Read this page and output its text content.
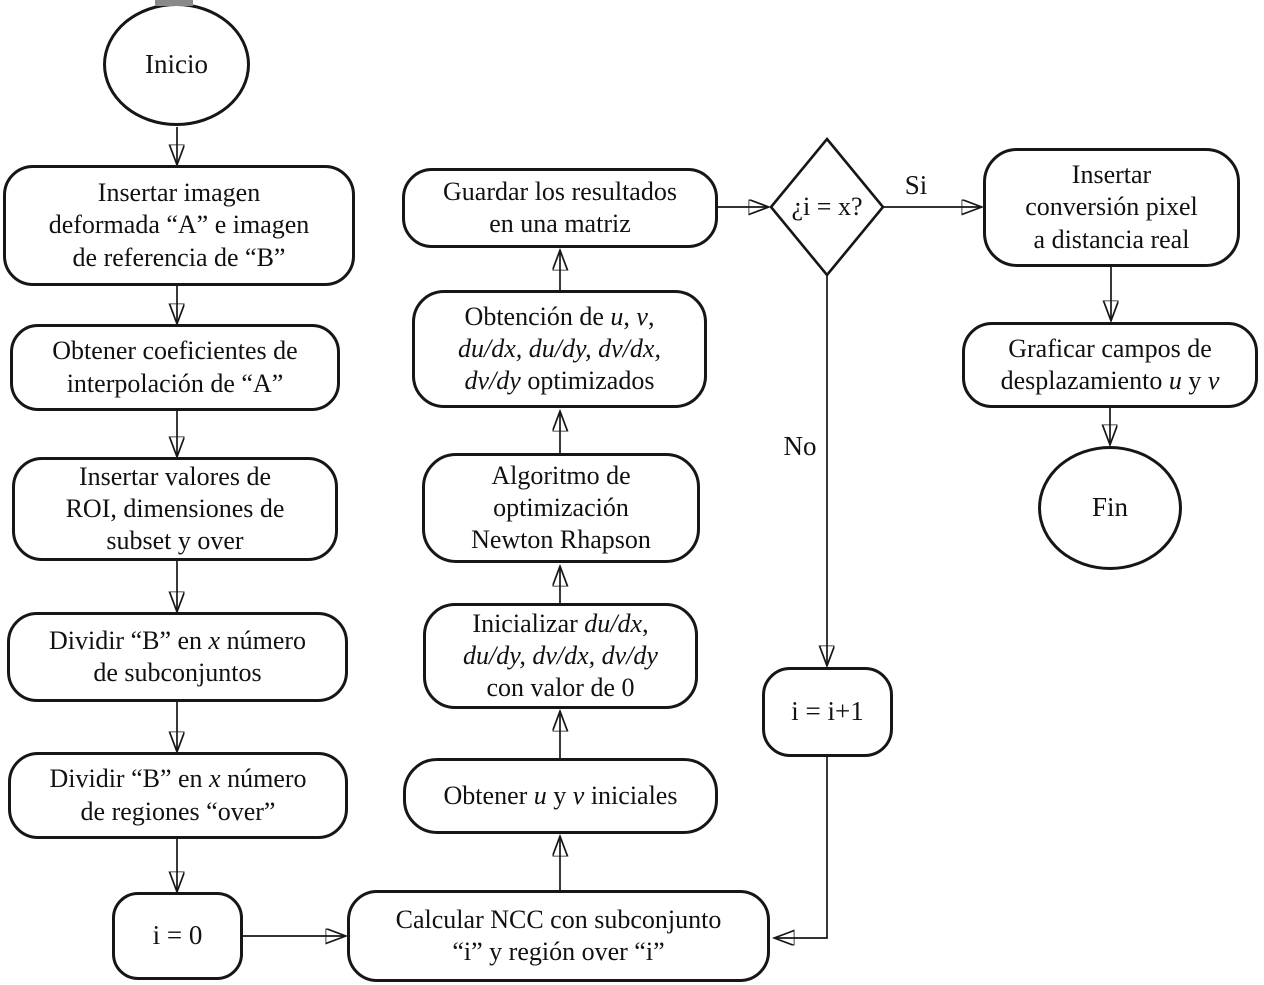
Inicio
Insertar imagen
deformada “A” e imagen
de referencia de “B”
Obtener coeficientes de
interpolación de “A”
Insertar valores de
ROI, dimensiones de
subset y over
Dividir “B” en x número
de subconjuntos
Dividir “B” en x número
de regiones “over”
i = 0
Calcular NCC con subconjunto
“i” y región over “i”
Obtener u y v iniciales
Inicializar du/dx,
du/dy, dv/dx, dv/dy
con valor de 0
Algoritmo de
optimización
Newton Rhapson
Obtención de u, v,
du/dx, du/dy, dv/dx,
dv/dy optimizados
Guardar los resultados
en una matriz
¿i = x?
Si
No
i = i+1
Insertar
conversión pixel
a distancia real
Graficar campos de
desplazamiento u y v
Fin
